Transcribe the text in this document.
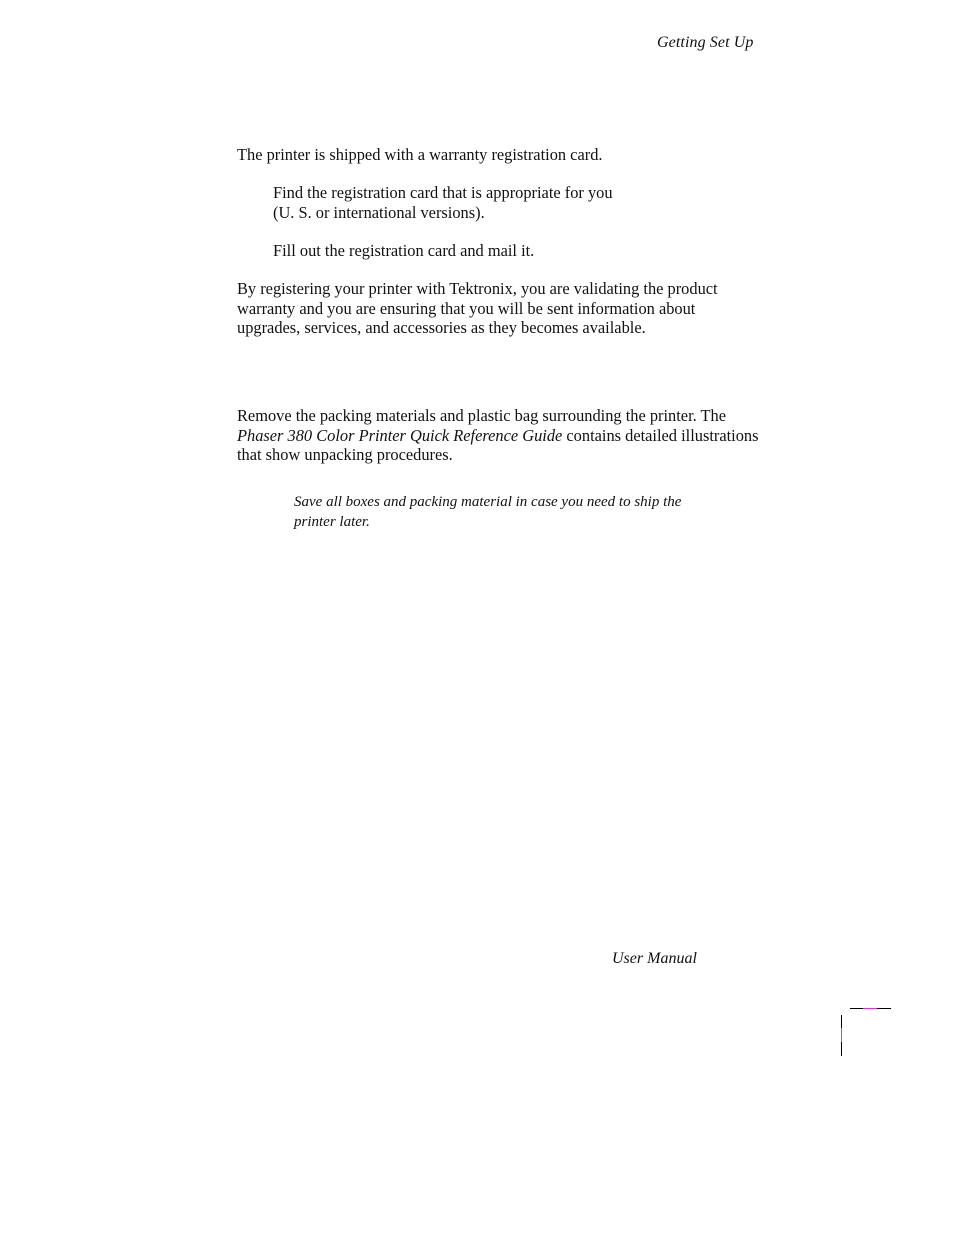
Getting Set Up

The printer is shipped with a warranty registration card.

Find the registration card that is appropriate for you
(U. S. or international versions).

Fill out the registration card and mail it.

By registering your printer with Tektronix, you are validating the product
warranty and you are ensuring that you will be sent information about
upgrades, services, and accessories as they becomes available.
Remove the packing materials and plastic bag surrounding the printer. The
Phaser 380 Color Printer Quick Reference Guide contains detailed illustrations
that show unpacking procedures.
Save all boxes and packing material in case you need to ship the
printer later.
User Manual
